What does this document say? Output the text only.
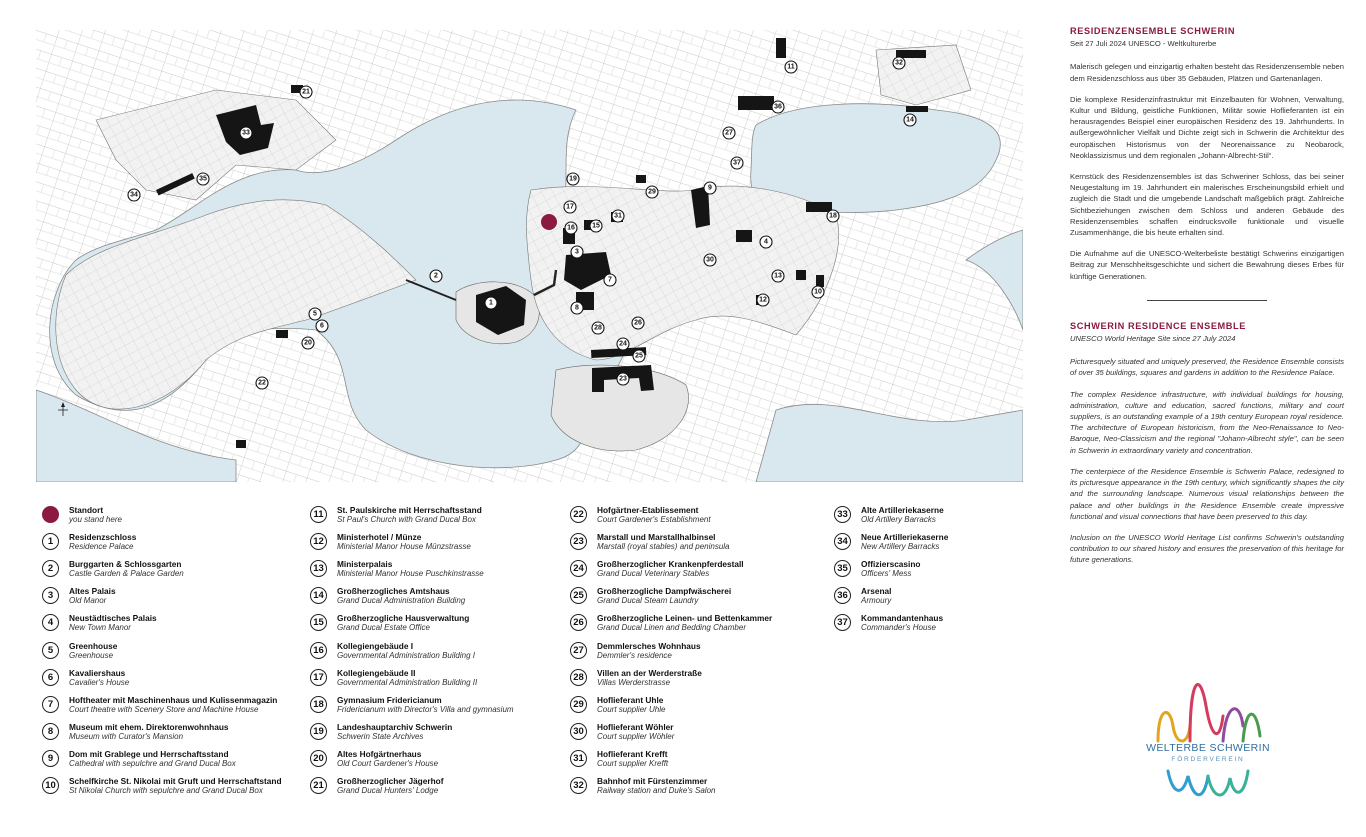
1
2
3
4
5
6
7
8
9
10
11
12
13
14
15
16
17
18
19
20
21
22
23
24
25
26
27
28
29
30
31
32
33
34
35
36
37
Standort
you stand here
1	Residenzschloss
Residence Palace
2	Burggarten & Schlossgarten
Castle Garden & Palace Garden
3	Altes Palais
Old Manor
4	Neustädtisches Palais
New Town Manor
5	Greenhouse
Greenhouse
6	Kavaliershaus
Cavalier's House
7	Hoftheater mit Maschinenhaus und Kulissenmagazin
Court theatre with Scenery Store and Machine House
8	Museum mit ehem. Direktorenwohnhaus
Museum with Curator's Mansion
9	Dom mit Grablege und Herrschaftsstand
Cathedral with sepulchre and Grand Ducal Box
10	Schelfkirche St. Nikolai mit Gruft und Herrschaftstand
St Nikolai Church with sepulchre and Grand Ducal Box
11	St. Paulskirche mit Herrschaftsstand
St Paul's Church with Grand Ducal Box
12	Ministerhotel / Münze
Ministerial Manor House Münzstrasse
13	Ministerpalais
Ministerial Manor House Puschkinstrasse
14	Großherzogliches Amtshaus
Grand Ducal Administration Building
15	Großherzogliche Hausverwaltung
Grand Ducal Estate Office
16	Kollegiengebäude I
Governmental Administration Building I
17	Kollegiengebäude II
Governmental Administration Building II
18	Gymnasium Fridericianum
Fridericianum with Director's Villa and gymnasium
19	Landeshauptarchiv Schwerin
Schwerin State Archives
20	Altes Hofgärtnerhaus
Old Court Gardener's House
21	Großherzoglicher Jägerhof
Grand Ducal Hunters' Lodge
22	Hofgärtner-Etablissement
Court Gardener's Establishment
23	Marstall und Marstallhalbinsel
Marstall (royal stables) and peninsula
24	Großherzoglicher Krankenpferdestall
Grand Ducal Veterinary Stables
25	Großherzogliche Dampfwäscherei
Grand Ducal Steam Laundry
26	Großherzogliche Leinen- und Bettenkammer
Grand Ducal Linen and Bedding Chamber
27	Demmlersches Wohnhaus
Demmler's residence
28	Villen an der Werderstraße
Villas Werderstrasse
29	Hoflieferant Uhle
Court supplier Uhle
30	Hoflieferant Wöhler
Court supplier Wöhler
31	Hoflieferant Krefft
Court supplier Krefft
32	Bahnhof mit Fürstenzimmer
Railway station and Duke's Salon
33	Alte Artilleriekaserne
Old Artillery Barracks
34	Neue Artilleriekaserne
New Artillery Barracks
35	Offizierscasino
Officers' Mess
36	Arsenal
Armoury
37	Kommandantenhaus
Commander's House

RESIDENZENSEMBLE SCHWERIN

Seit 27 Juli 2024 UNESCO - Weltkulturerbe

Malerisch gelegen und einzigartig erhalten besteht das Residenzensemble neben dem Residenzschloss aus über 35 Gebäuden, Plätzen und Gartenanlagen.

Die komplexe Residenzinfrastruktur mit Einzelbauten für Wohnen, Verwaltung, Kultur und Bildung, geistliche Funktionen, Militär sowie Hoflieferanten ist ein herausragendes Beispiel einer europäischen Residenz des 19. Jahrhunderts. In außergewöhnlicher Vielfalt und Dichte zeigt sich in Schwerin die Architektur des europäischen Historismus von der Neorenaissance zu Neobarock, Neoklassizismus und dem regionalen „Johann-Albrecht-Stil“.

Kernstück des Residenzensembles ist das Schweriner Schloss, das bei seiner Neugestaltung im 19. Jahrhundert ein malerisches Erscheinungsbild erhielt und zugleich die Stadt und die umgebende Landschaft maßgeblich prägt. Zahlreiche Sichtbeziehungen zwischen dem Schloss und anderen Gebäude des Residenzensembles schaffen eindrucksvolle funktionale und visuelle Zusammenhänge, die bis heute erhalten sind.

Die Aufnahme auf die UNESCO-Welterbeliste bestätigt Schwerins einzigartigen Beitrag zur Menschheitsgeschichte und sichert die Bewahrung dieses Erbes für künftige Generationen.

SCHWERIN RESIDENCE ENSEMBLE

UNESCO World Heritage Site since 27 July 2024

Picturesquely situated and uniquely preserved, the Residence Ensemble consists of over 35 buildings, squares and gardens in addition to the Residence Palace.

The complex Residence infrastructure, with individual buildings for housing, administration, culture and education, sacred functions, military and court suppliers, is an outstanding example of a 19th century European royal residence. The architecture of European historicism, from the Neo-Renaissance to Neo-Baroque, Neo-Classicism and the regional "Johann-Albrecht style", can be seen in Schwerin in extraordinary variety and concentration.

The centerpiece of the Residence Ensemble is Schwerin Palace, redesigned to its picturesque appearance in the 19th century, which significantly shapes the city and the surrounding landscape. Numerous visual relationships between the palace and other buildings in the Residence Ensemble create impressive functional and visual connections that have been preserved to this day.

Inclusion on the UNESCO World Heritage List confirms Schwerin's outstanding contribution to our shared history and ensures the preservation of this heritage for future generations.

WELTERBE SCHWERIN
FÖRDERVEREIN
